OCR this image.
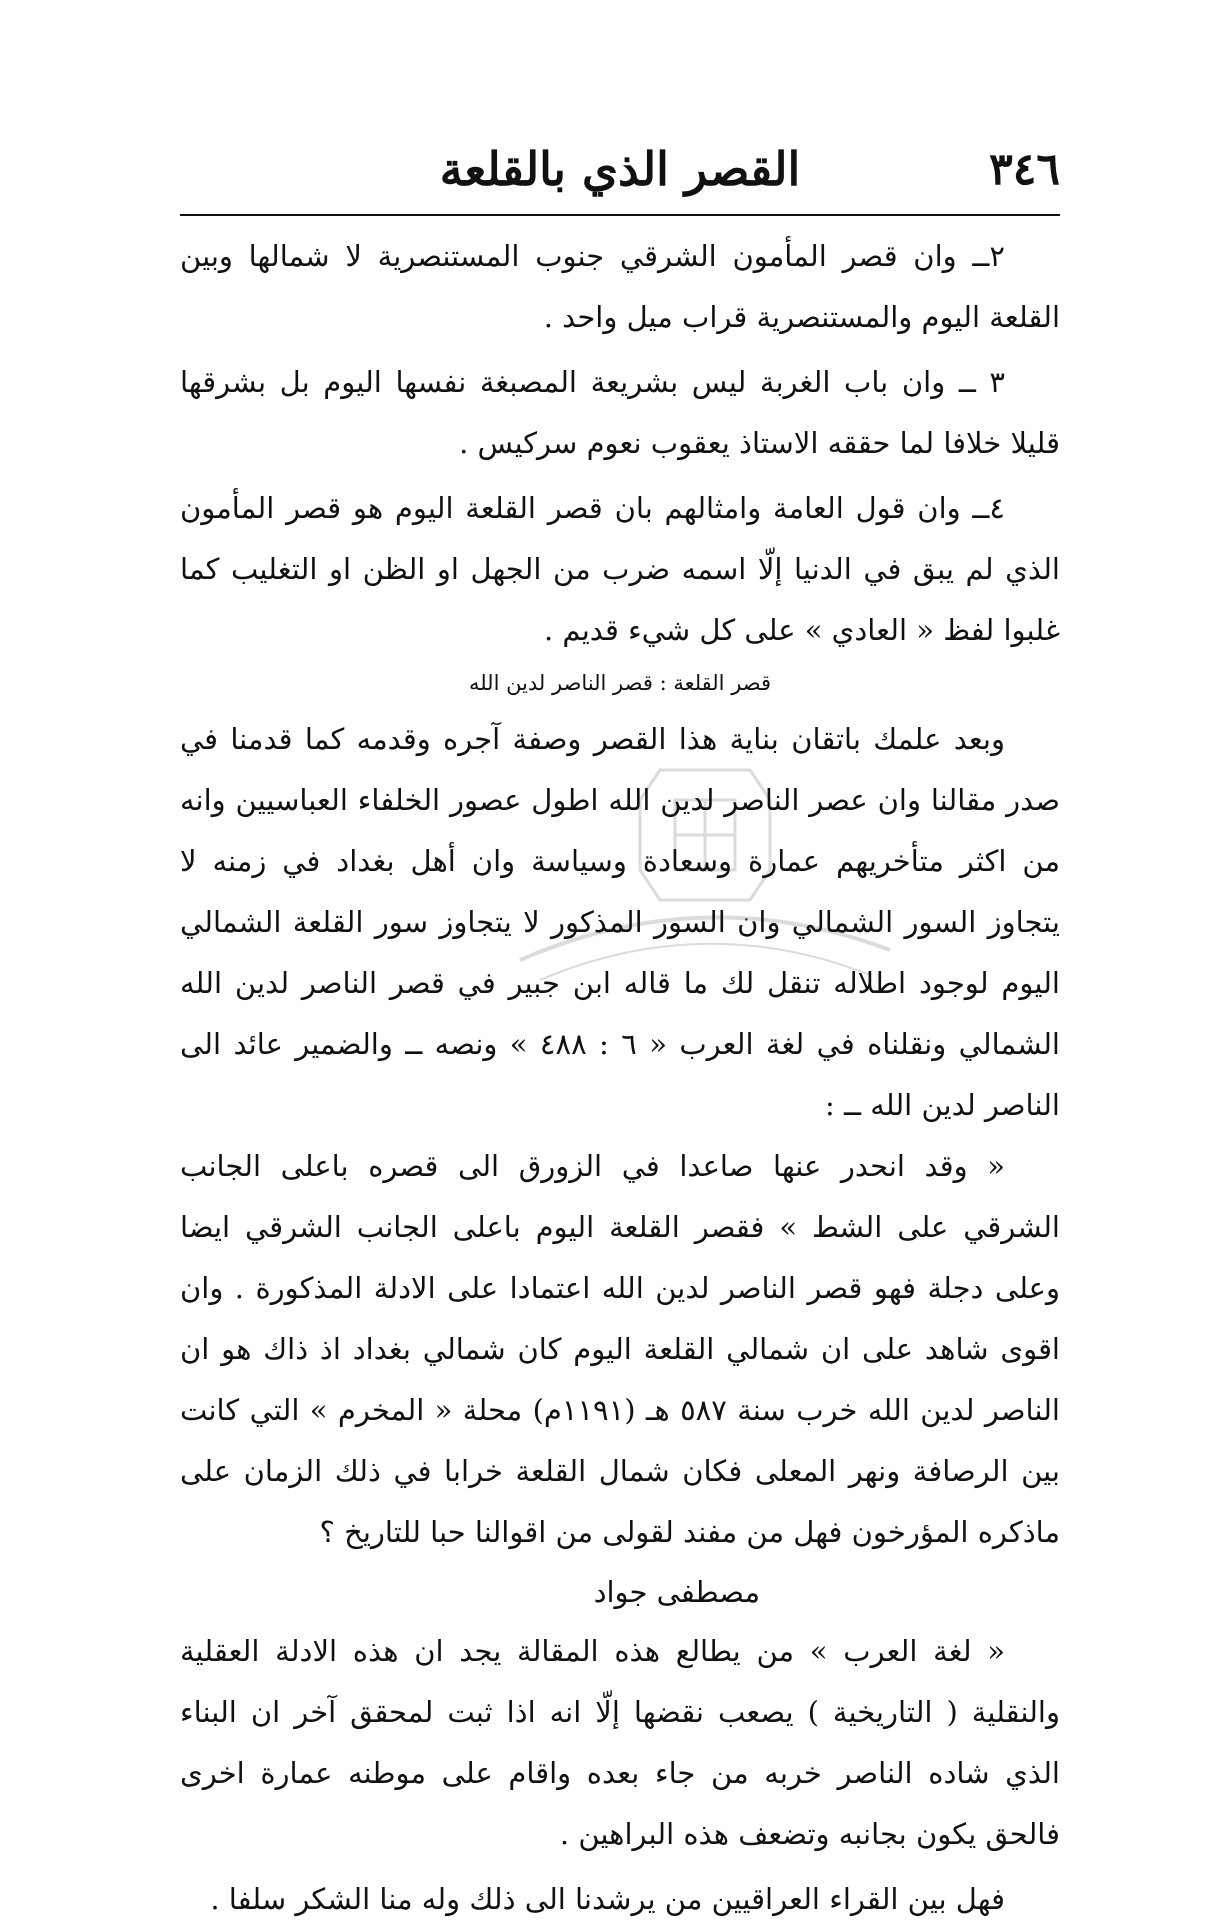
٣٤٦
القصر الذي بالقلعة

٢ــ وان قصر المأمون الشرقي جنوب المستنصرية لا شمالها وبين القلعة اليوم والمستنصرية قراب ميل واحد .

٣ ــ وان باب الغربة ليس بشريعة المصبغة نفسها اليوم بل بشرقها قليلا خلافا لما حققه الاستاذ يعقوب نعوم سركيس .

٤ــ وان قول العامة وامثالهم بان قصر القلعة اليوم هو قصر المأمون الذي لم يبق في الدنيا إلّا اسمه ضرب من الجهل او الظن او التغليب كما غلبوا لفظ « العادي » على كل شيء قديم .

قصر القلعة : قصر الناصر لدين الله

وبعد علمك باتقان بناية هذا القصر وصفة آجره وقدمه كما قدمنا في صدر مقالنا وان عصر الناصر لدين الله اطول عصور الخلفاء العباسيين وانه من اكثر متأخريهم عمارة وسعادة وسياسة وان أهل بغداد في زمنه لا يتجاوز السور الشمالي وان السور المذكور لا يتجاوز سور القلعة الشمالي اليوم لوجود اطلاله تنقل لك ما قاله ابن جبير في قصر الناصر لدين الله الشمالي ونقلناه في لغة العرب « ٦ : ٤٨٨ » ونصه ــ والضمير عائد الى الناصر لدين الله ــ :

« وقد انحدر عنها صاعدا في الزورق الى قصره باعلى الجانب الشرقي على الشط » فقصر القلعة اليوم باعلى الجانب الشرقي ايضا وعلى دجلة فهو قصر الناصر لدين الله اعتمادا على الادلة المذكورة . وان اقوى شاهد على ان شمالي القلعة اليوم كان شمالي بغداد اذ ذاك هو ان الناصر لدين الله خرب سنة ٥٨٧ هـ (١١٩١م) محلة « المخرم » التي كانت بين الرصافة ونهر المعلى فكان شمال القلعة خرابا في ذلك الزمان على ماذكره المؤرخون فهل من مفند لقولى من اقوالنا حبا للتاريخ ؟

مصطفى جواد

« لغة العرب » من يطالع هذه المقالة يجد ان هذه الادلة العقلية والنقلية ( التاريخية ) يصعب نقضها إلّا انه اذا ثبت لمحقق آخر ان البناء الذي شاده الناصر خربه من جاء بعده واقام على موطنه عمارة اخرى فالحق يكون بجانبه وتضعف هذه البراهين .

فهل بين القراء العراقيين من يرشدنا الى ذلك وله منا الشكر سلفا .
